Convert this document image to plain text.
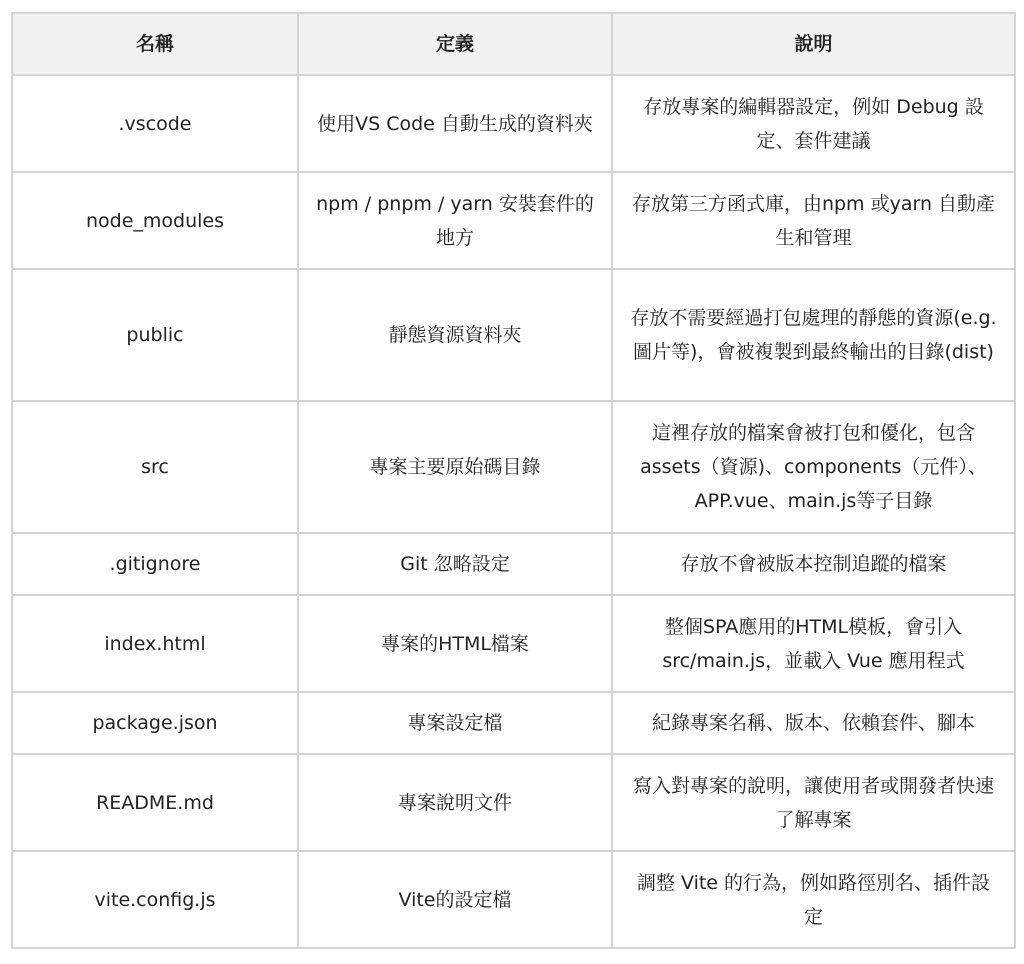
名稱	定義	說明
.vscode	使用VS Code 自動生成的資料夾	存放專案的編輯器設定，例如 Debug 設定、套件建議
node_modules	npm / pnpm / yarn 安裝套件的地方	存放第三方函式庫，由npm 或yarn 自動產生和管理
public	靜態資源資料夾	存放不需要經過打包處理的靜態的資源(e.g.圖片等)，會被複製到最終輸出的目錄(dist)
src	專案主要原始碼目錄	這裡存放的檔案會被打包和優化，包含assets（資源)、components（元件）、APP.vue、main.js等子目錄
.gitignore	Git 忽略設定	存放不會被版本控制追蹤的檔案
index.html	專案的HTML檔案	整個SPA應用的HTML模板，會引入src/main.js，並載入 Vue 應用程式
package.json	專案設定檔	紀錄專案名稱、版本、依賴套件、腳本
README.md	專案說明文件	寫入對專案的說明，讓使用者或開發者快速了解專案
vite.config.js	Vite的設定檔	調整 Vite 的行為，例如路徑別名、插件設定
